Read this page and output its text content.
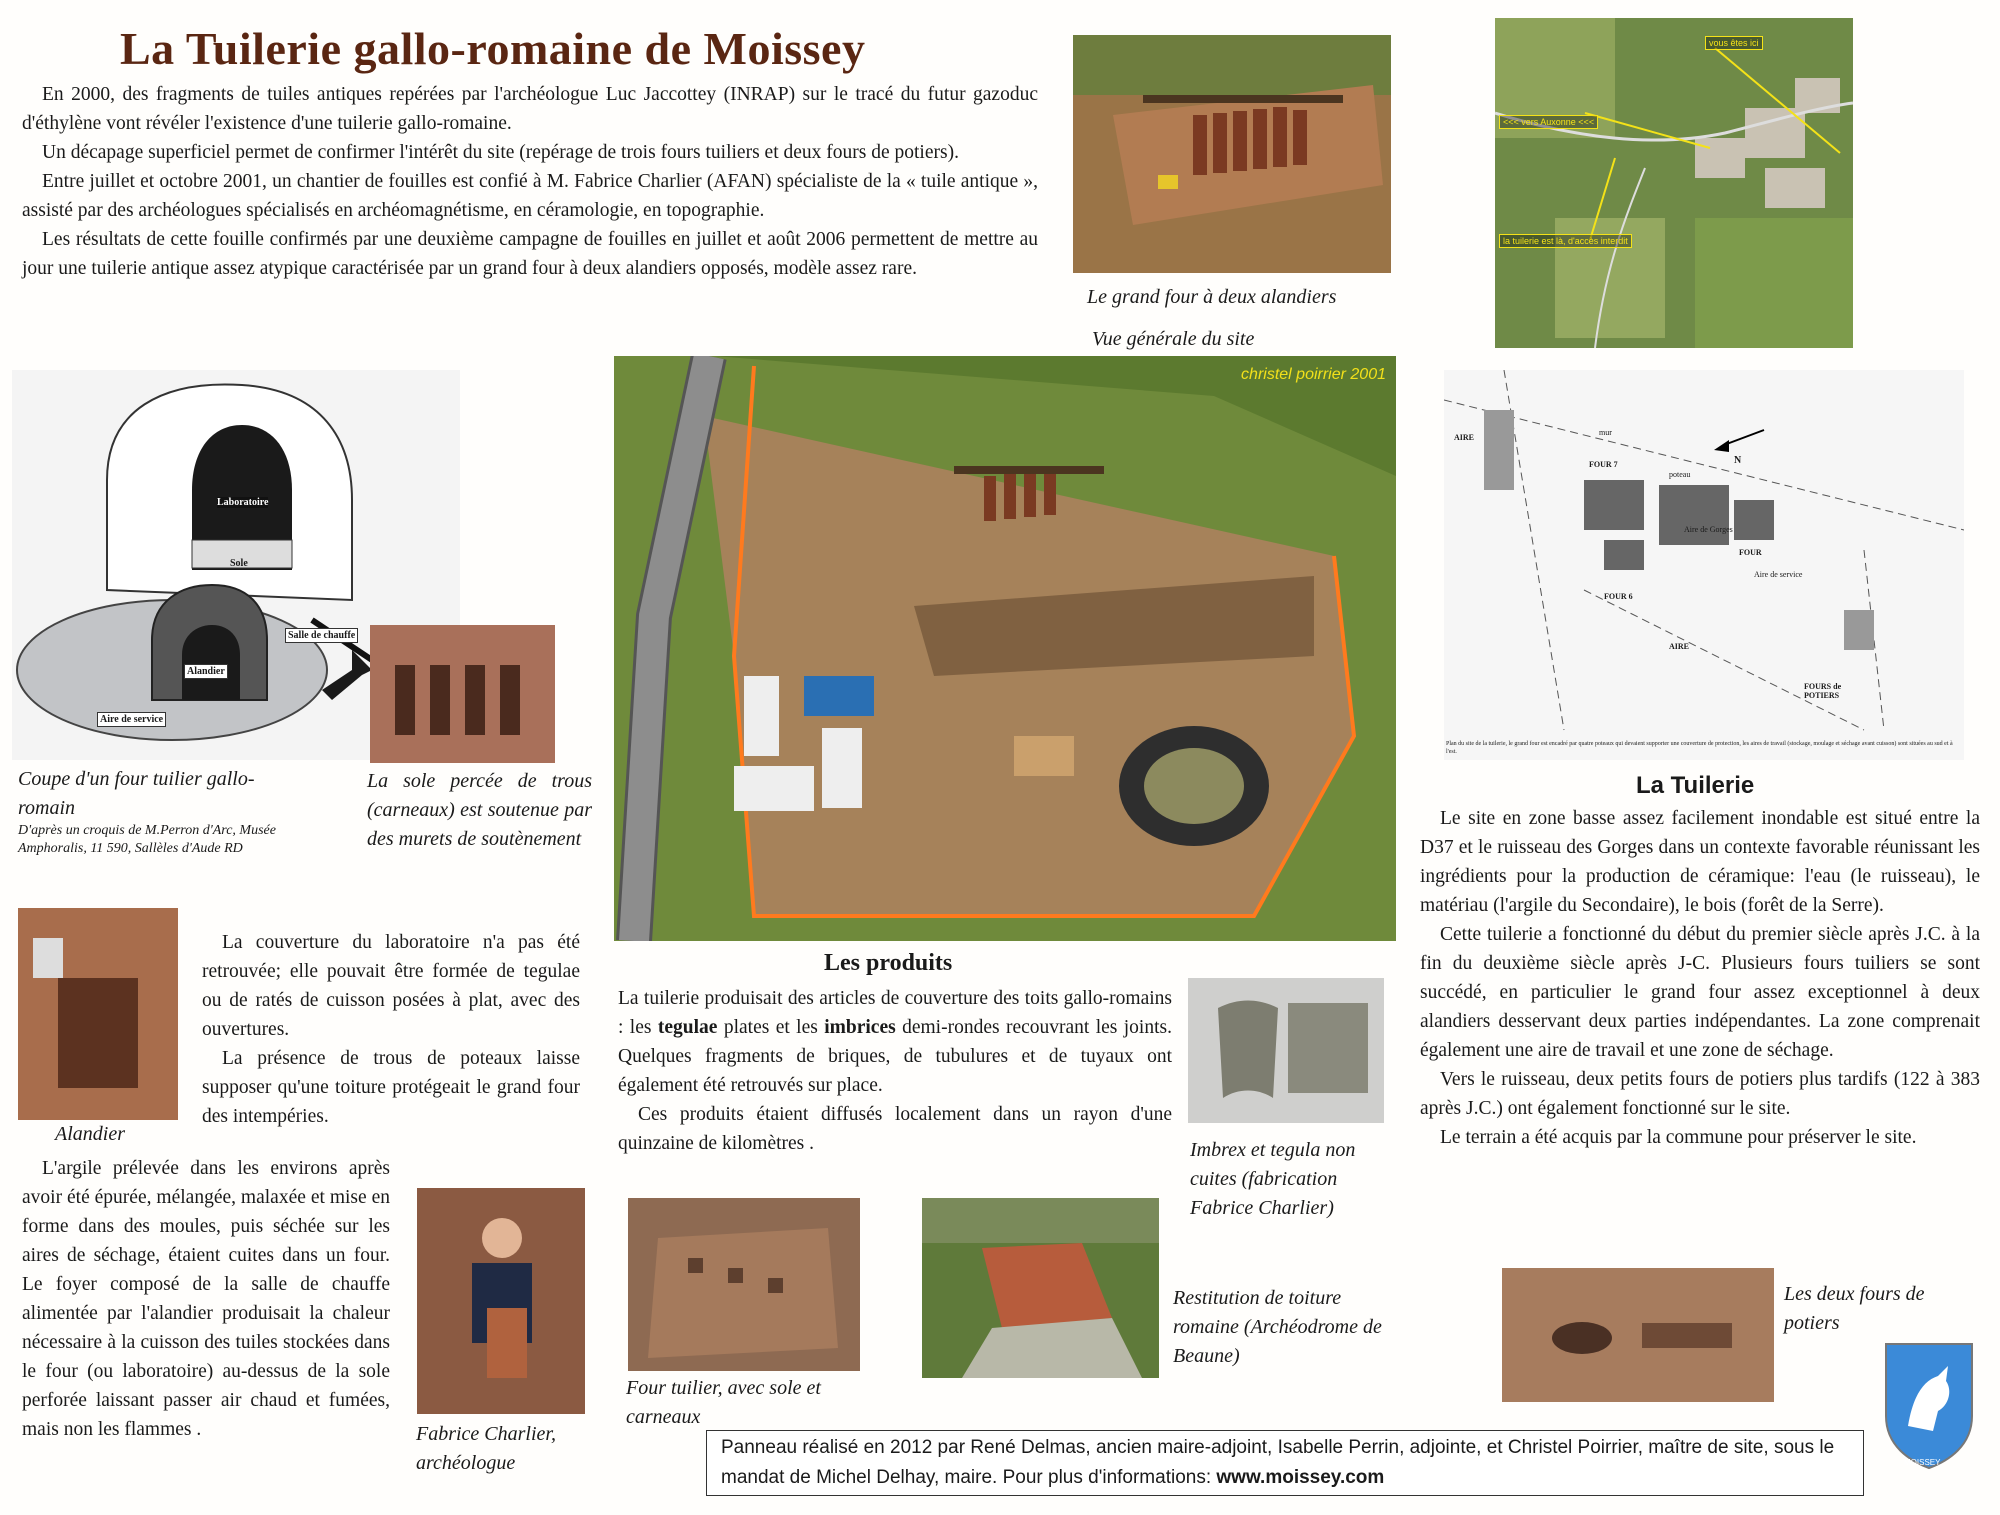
La Tuilerie gallo-romaine de Moissey

En 2000, des fragments de tuiles antiques repérées par l'archéologue Luc Jaccottey (INRAP) sur le tracé du futur gazoduc d'éthylène vont révéler l'existence d'une tuilerie gallo-romaine.

Un décapage superficiel permet de confirmer l'intérêt du site (repérage de trois fours tuiliers et deux fours de potiers).

Entre juillet et octobre 2001, un chantier de fouilles est confié à M. Fabrice Charlier (AFAN) spécialiste de la « tuile antique », assisté par des archéologues spécialisés en archéomagnétisme, en céramologie, en topographie.

Les résultats de cette fouille confirmés par une deuxième campagne de fouilles en juillet et août 2006 permettent de mettre au jour une tuilerie antique assez atypique caractérisée par un grand four à deux alandiers opposés, modèle assez rare.

Le grand four à deux alandiers
Vue générale du site
vous êtes ici
<<< vers Auxonne <<<
la tuilerie est là, d'accès interdit
Laboratoire
Sole
Salle de chauffe
Alandier
Aire de service
Coupe d'un four tuilier gallo-romain
D'après un croquis de M.Perron d'Arc, Musée Amphoralis, 11 590, Sallèles d'Aude RD
La sole percée de trous (carneaux) est soutenue par des murets de soutènement
christel poirrier 2001
AIRE
FOUR 7
mur
poteau
N
Aire de Gorges
FOUR
Aire de service
FOUR 6
AIRE
FOURS de POTIERS
Plan du site de la tuilerie, le grand four est encadré par quatre poteaux qui devaient supporter une couverture de protection, les aires de travail (stockage, moulage et séchage avant cuisson) sont situées au sud et à l'est.
Alandier

La couverture du laboratoire n'a pas été retrouvée; elle pouvait être formée de tegulae ou de ratés de cuisson posées à plat, avec des ouvertures.

La présence de trous de poteaux laisse supposer qu'une toiture protégeait le grand four des intempéries.

L'argile prélevée dans les environs après avoir été épurée, mélangée, malaxée et mise en forme dans des moules, puis séchée sur les aires de séchage, étaient cuites dans un four. Le foyer composé de la salle de chauffe alimentée par l'alandier produisait la chaleur nécessaire à la cuisson des tuiles stockées dans le four (ou laboratoire) au-dessus de la sole perforée laissant passer air chaud et fumées, mais non les flammes .	Fabrice Charlier, archéologue
Les produits

La tuilerie produisait des articles de couverture des toits gallo-romains : les tegulae plates et les imbrices demi-rondes recouvrant les joints. Quelques fragments de briques, de tubulures et de tuyaux ont également été retrouvés sur place.

Ces produits étaient diffusés localement dans un rayon d'une quinzaine de kilomètres .	Imbrex et tegula non cuites (fabrication Fabrice Charlier)
Four tuilier, avec sole et carneaux
Restitution de toiture romaine (Archéodrome de Beaune)
La Tuilerie

Le site en zone basse assez facilement inondable est situé entre la D37 et le ruisseau des Gorges dans un contexte favorable réunissant les ingrédients pour la production de céramique: l'eau (le ruisseau), le matériau (l'argile du Secondaire), le bois (forêt de la Serre).

Cette tuilerie a fonctionné du début du premier siècle après J.C. à la fin du deuxième siècle après J-C. Plusieurs fours tuiliers se sont succédé, en particulier le grand four assez exceptionnel à deux alandiers desservant deux parties indépendantes. La zone comprenait également une aire de travail et une zone de séchage.

Vers le ruisseau, deux petits fours de potiers plus tardifs (122 à 383 après J.C.) ont également fonctionné sur le site.

Le terrain a été acquis par la commune pour préserver le site.

Les deux fours de potiers
MOISSEY
Panneau réalisé en 2012 par René Delmas, ancien maire-adjoint, Isabelle Perrin, adjointe, et Christel Poirrier, maître de site, sous le mandat de Michel Delhay, maire. Pour plus d'informations: www.moissey.com
